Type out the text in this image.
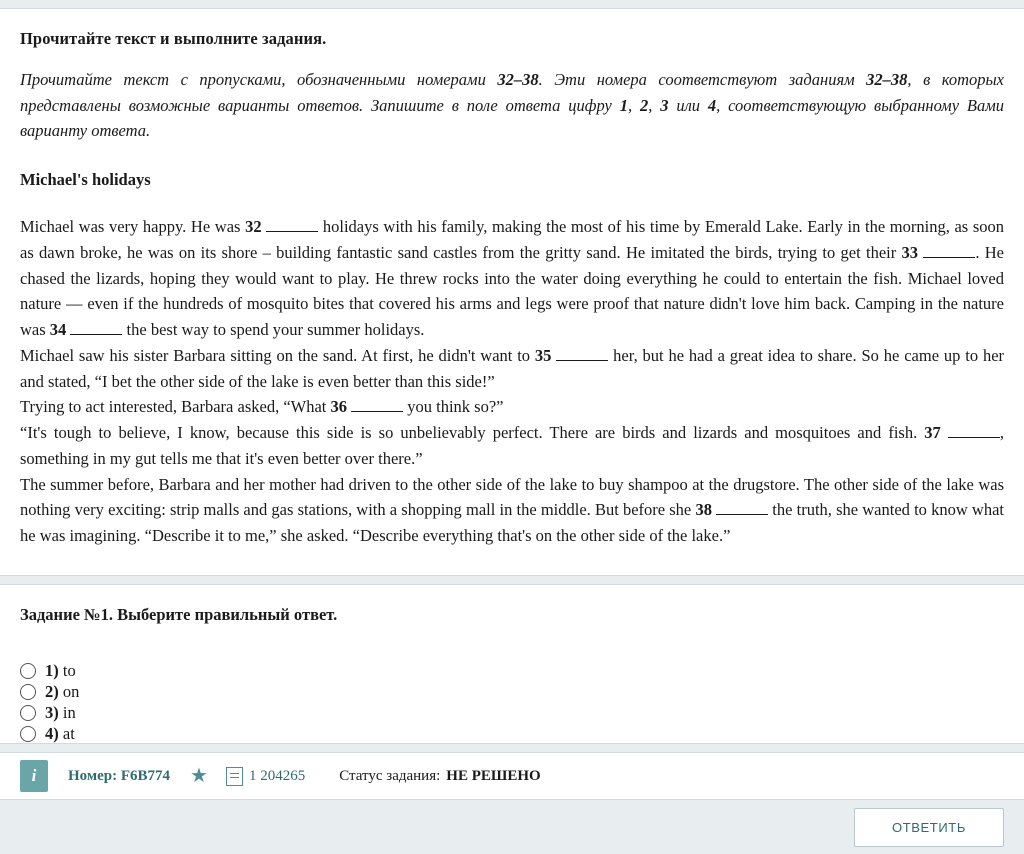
Прочитайте текст и выполните задания.
Прочитайте текст с пропусками, обозначенными номерами 32–38. Эти номера соответствуют заданиям 32–38, в которых представлены возможные варианты ответов. Запишите в поле ответа цифру 1, 2, 3 или 4, соответствующую выбранному Вами варианту ответа.
Michael's holidays

Michael was very happy. He was 32	holidays with his family, making the most of his time by Emerald Lake. Early in the morning, as soon as dawn broke, he was on its shore – building fantastic sand castles from the gritty sand. He imitated the birds, trying to get their 33	. He chased the lizards, hoping they would want to play. He threw rocks into the water doing everything he could to entertain the fish. Michael loved nature — even if the hundreds of mosquito bites that covered his arms and legs were proof that nature didn't love him back. Camping in the nature was 34	the best way to spend your summer holidays.

Michael saw his sister Barbara sitting on the sand. At first, he didn't want to 35	her, but he had a great idea to share. So he came up to her and stated, “I bet the other side of the lake is even better than this side!”

Trying to act interested, Barbara asked, “What 36	you think so?”

“It's tough to believe, I know, because this side is so unbelievably perfect. There are birds and lizards and mosquitoes and fish. 37	, something in my gut tells me that it's even better over there.”

The summer before, Barbara and her mother had driven to the other side of the lake to buy shampoo at the drugstore. The other side of the lake was nothing very exciting: strip malls and gas stations, with a shopping mall in the middle. But before she 38	the truth, she wanted to know what he was imagining. “Describe it to me,” she asked. “Describe everything that's on the other side of the lake.”

Задание №1. Выберите правильный ответ.
1) to
2) on
3) in
4) at
i	Номер: F6B774 ★	1 204265 Статус задания: НЕ РЕШЕНО
ОТВЕТИТЬ
